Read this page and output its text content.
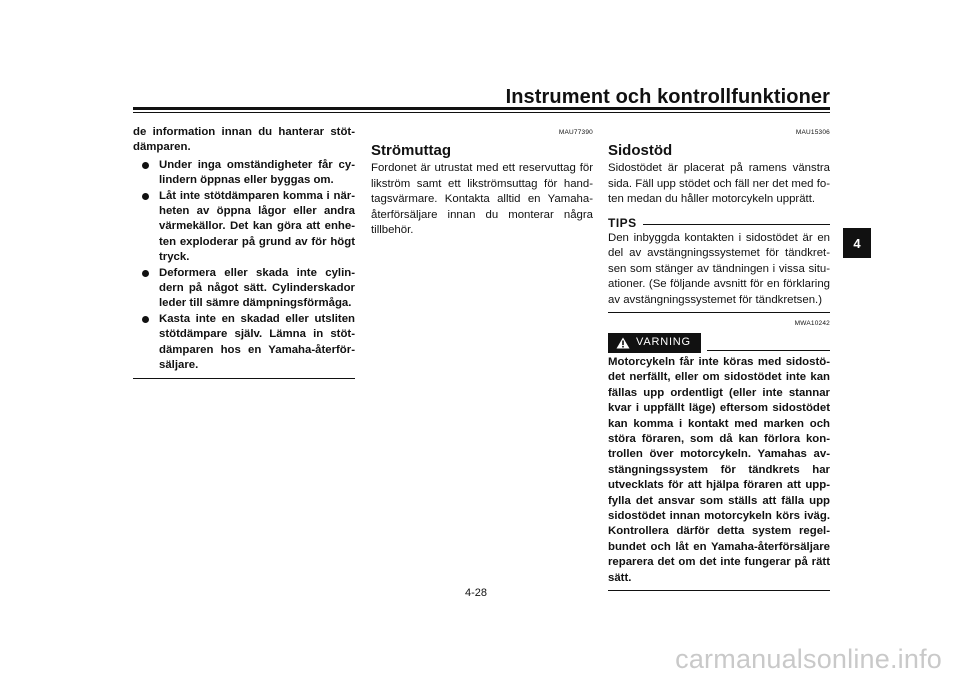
Instrument och kontrollfunktioner
4
de information innan du hanterar stöt-dämparen.
Under inga omständigheter får cy-lindern öppnas eller byggas om.
Låt inte stötdämparen komma i när-heten av öppna lågor eller andra värmekällor. Det kan göra att enhe-ten exploderar på grund av för högt tryck.
Deformera eller skada inte cylin-dern på något sätt. Cylinderskador leder till sämre dämpningsförmåga.
Kasta inte en skadad eller utsliten stötdämpare själv. Lämna in stöt-dämparen hos en Yamaha-återför-säljare.
MAU77390
Strömuttag
Fordonet är utrustat med ett reservuttag för likström samt ett likströmsuttag för hand-tagsvärmare. Kontakta alltid en Yamaha-återförsäljare innan du monterar några tillbehör.
MAU15306
Sidostöd
Sidostödet är placerat på ramens vänstra sida. Fäll upp stödet och fäll ner det med fo-ten medan du håller motorcykeln upprätt.
TIPS
Den inbyggda kontakten i sidostödet är en del av avstängningssystemet för tändkret-sen som stänger av tändningen i vissa situ-ationer. (Se följande avsnitt för en förklaring av avstängningssystemet för tändkretsen.)
MWA10242
VARNING
Motorcykeln får inte köras med sidostö-det nerfällt, eller om sidostödet inte kan fällas upp ordentligt (eller inte stannar kvar i uppfällt läge) eftersom sidostödet kan komma i kontakt med marken och störa föraren, som då kan förlora kon-trollen över motorcykeln. Yamahas av-stängningssystem för tändkrets har utvecklats för att hjälpa föraren att upp-fylla det ansvar som ställs att fälla upp sidostödet innan motorcykeln körs iväg. Kontrollera därför detta system regel-bundet och låt en Yamaha-återförsäljare reparera det om det inte fungerar på rätt sätt.
4-28
carmanualsonline.info
